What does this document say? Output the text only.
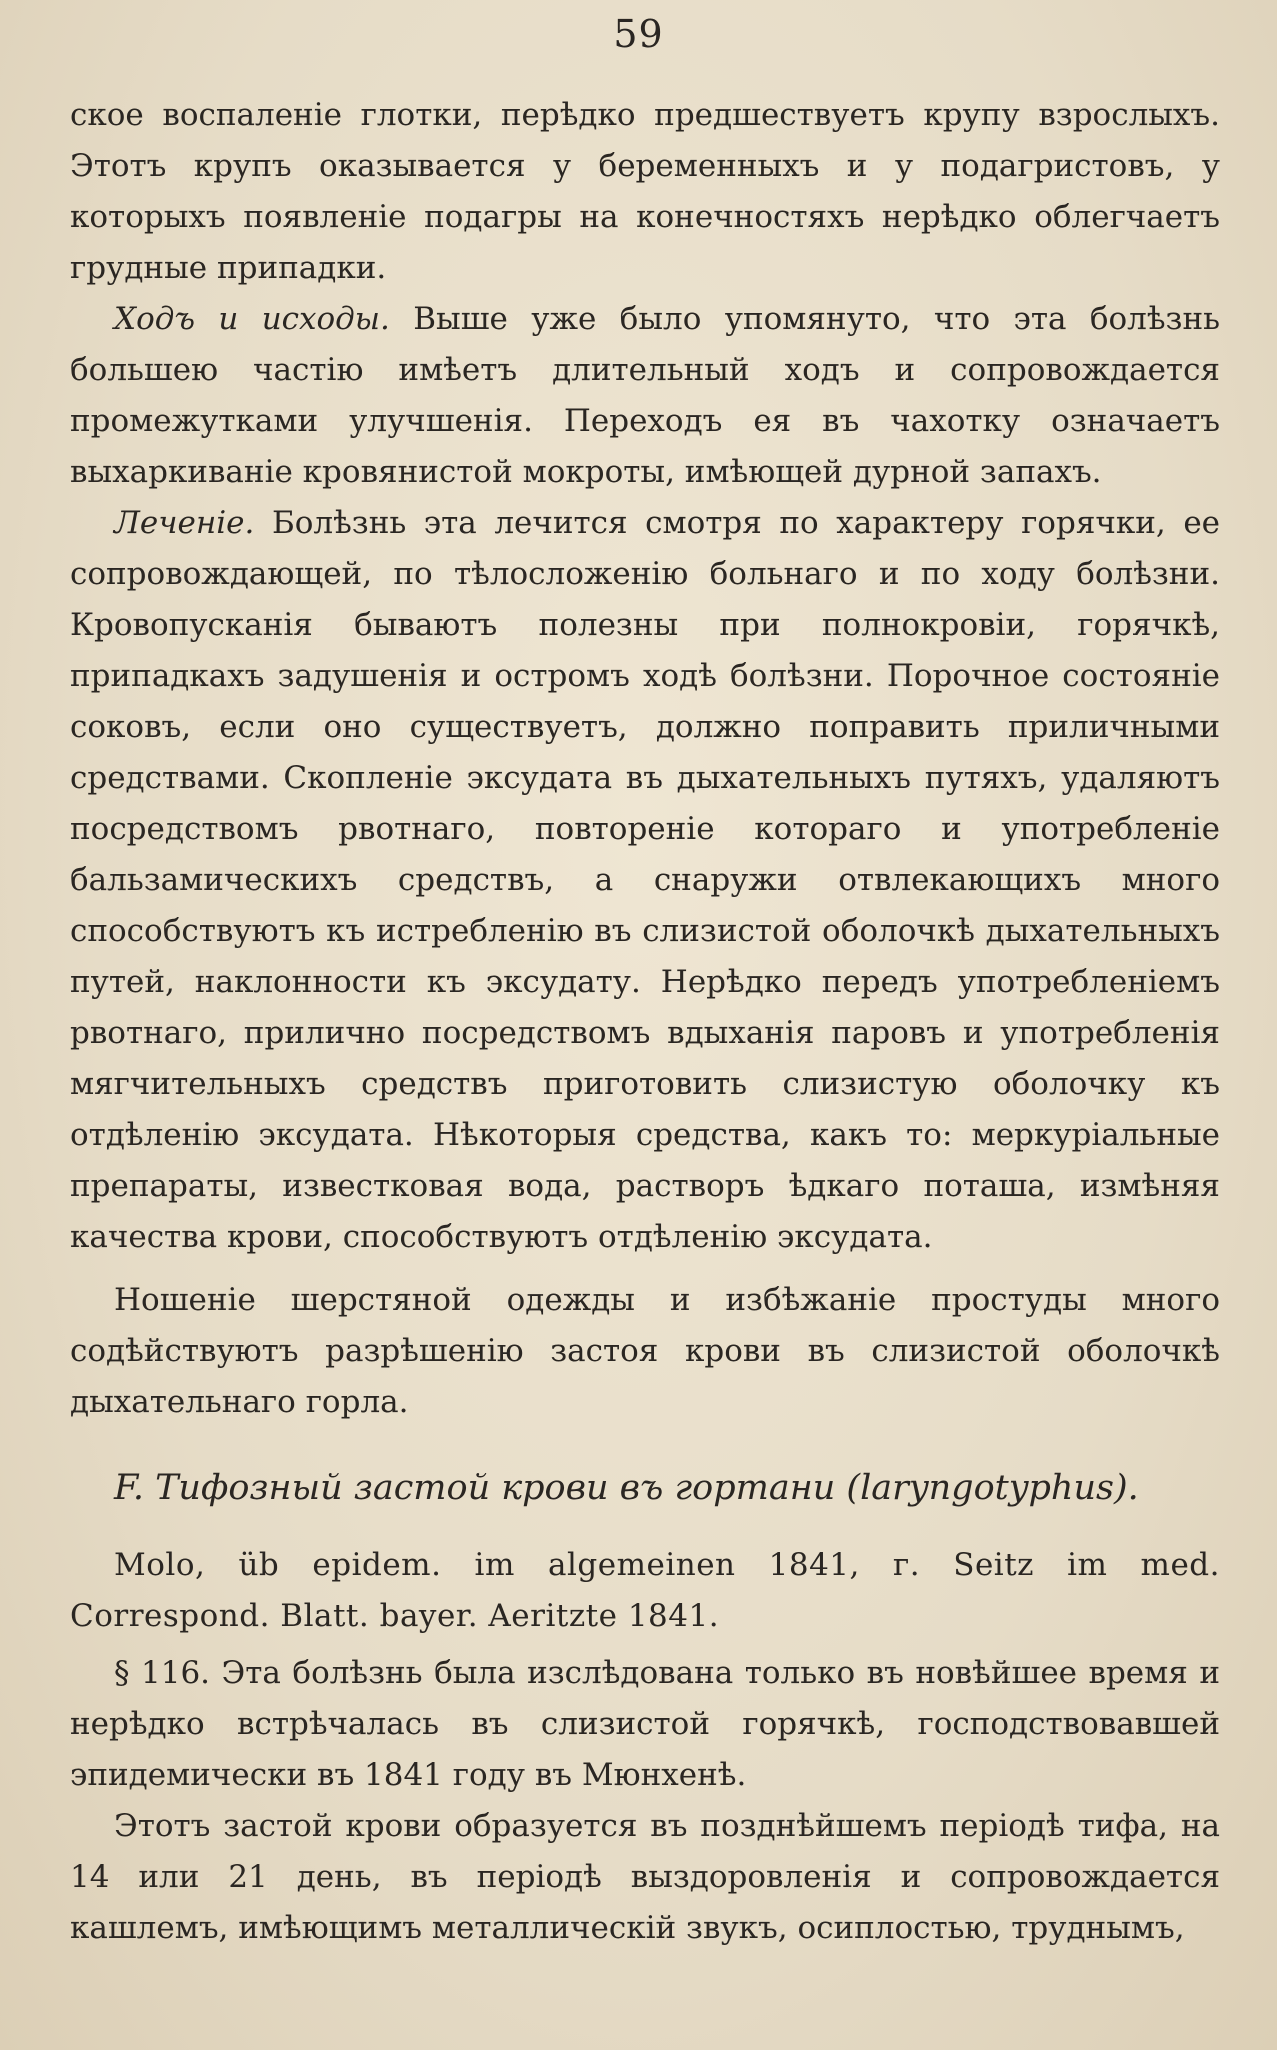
59

ское воспаленіе глотки, перѣдко предшествуетъ крупу взрослыхъ. Этотъ крупъ оказывается у беременныхъ и у подагристовъ, у которыхъ появленіе подагры на конечностяхъ нерѣдко облегчаетъ грудные припадки.

Ходъ и исходы. Выше уже было упомянуто, что эта болѣзнь большею частію имѣетъ длительный ходъ и сопровождается промежутками улучшенія. Переходъ ея въ чахотку означаетъ выхаркиваніе кровянистой мокроты, имѣющей дурной запахъ.

Леченіе. Болѣзнь эта лечится смотря по характеру горячки, ее сопровождающей, по тѣлосложенію больнаго и по ходу болѣзни. Кровопусканія бываютъ полезны при полнокровіи, горячкѣ, припадкахъ задушенія и остромъ ходѣ болѣзни. Порочное состояніе соковъ, если оно существуетъ, должно поправить приличными средствами. Скопленіе эксудата въ дыхательныхъ путяхъ, удаляютъ посредствомъ рвотнаго, повтореніе котораго и употребленіе бальзамическихъ средствъ, а снаружи отвлекающихъ много способствуютъ къ истребленію въ слизистой оболочкѣ дыхательныхъ путей, наклонности къ эксудату. Нерѣдко передъ употребленіемъ рвотнаго, прилично посредствомъ вдыханія паровъ и употребленія мягчительныхъ средствъ приготовить слизистую оболочку къ отдѣленію эксудата. Нѣкоторыя средства, какъ то: меркуріальные препараты, известковая вода, растворъ ѣдкаго поташа, измѣняя качества крови, способствуютъ отдѣленію эксудата.

Ношеніе шерстяной одежды и избѣжаніе простуды много содѣйствуютъ разрѣшенію застоя крови въ слизистой оболочкѣ дыхательнаго горла.

F. Тифозный застой крови въ гортани (laryngotyphus).

Molo, üb epidem. im algemeinen 1841, г. Seitz im med. Correspond. Blatt. bayer. Aeritzte 1841.

§ 116. Эта болѣзнь была изслѣдована только въ новѣйшее время и нерѣдко встрѣчалась въ слизистой горячкѣ, господствовавшей эпидемически въ 1841 году въ Мюнхенѣ.

Этотъ застой крови образуется въ позднѣйшемъ періодѣ тифа, на 14 или 21 день, въ періодѣ выздоровленія и сопровождается кашлемъ, имѣющимъ металлическій звукъ, осиплостью, труднымъ,
